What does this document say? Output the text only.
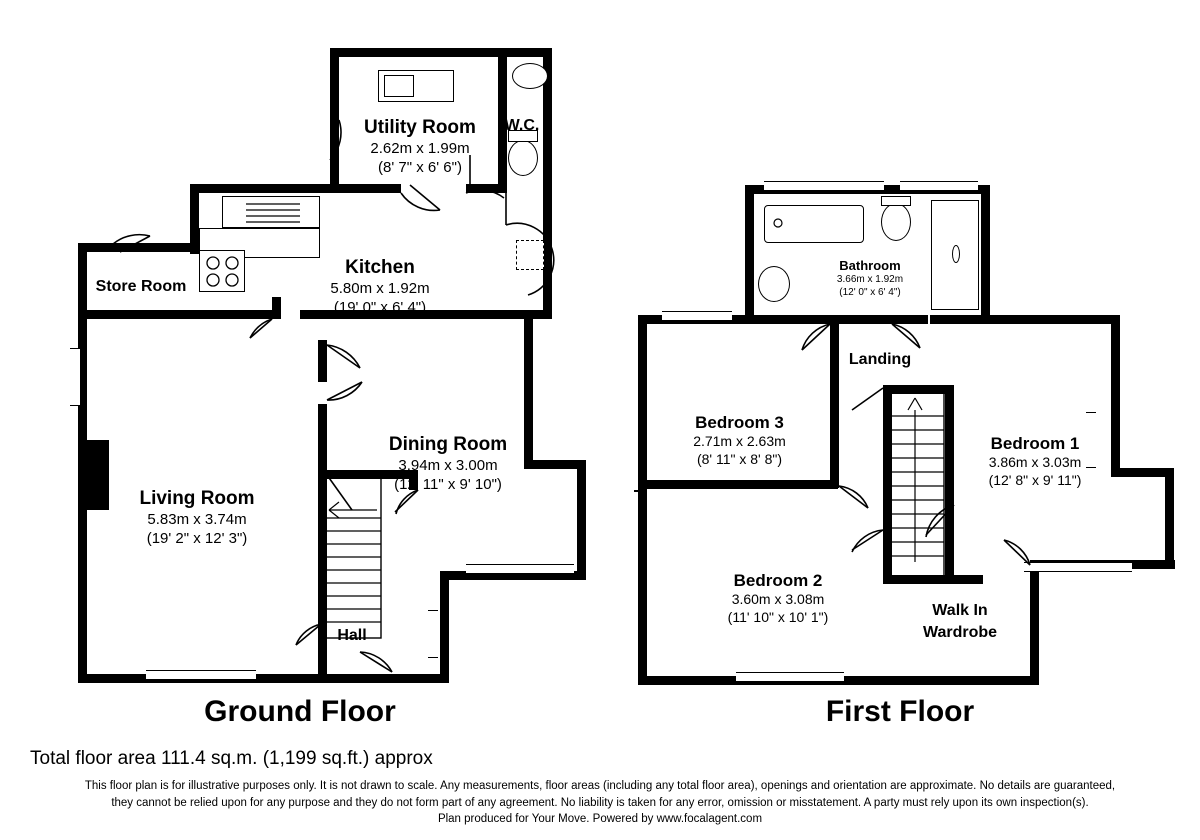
Utility Room
2.62m x 1.99m
(8' 7" x 6' 6")
W.C.
Kitchen
5.80m x 1.92m
(19' 0" x 6' 4")
Store Room
Dining Room
3.94m x 3.00m
(12' 11" x 9' 10")
Living Room
5.83m x 3.74m
(19' 2" x 12' 3")
Hall
Ground Floor
Bathroom
3.66m x 1.92m
(12' 0" x 6' 4")
Landing
Bedroom 3
2.71m x 2.63m
(8' 11" x 8' 8")
Bedroom 1
3.86m x 3.03m
(12' 8" x 9' 11")
Bedroom 2
3.60m x 3.08m
(11' 10" x 10' 1")	Walk In Wardrobe
First Floor
Total floor area 111.4 sq.m. (1,199 sq.ft.) approx
This floor plan is for illustrative purposes only. It is not drawn to scale. Any measurements, floor areas (including any total floor area), openings and orientation are approximate. No details are guaranteed,
they cannot be relied upon for any purpose and they do not form part of any agreement. No liability is taken for any error, omission or misstatement. A party must rely upon its own inspection(s).
Plan produced for Your Move. Powered by www.focalagent.com
